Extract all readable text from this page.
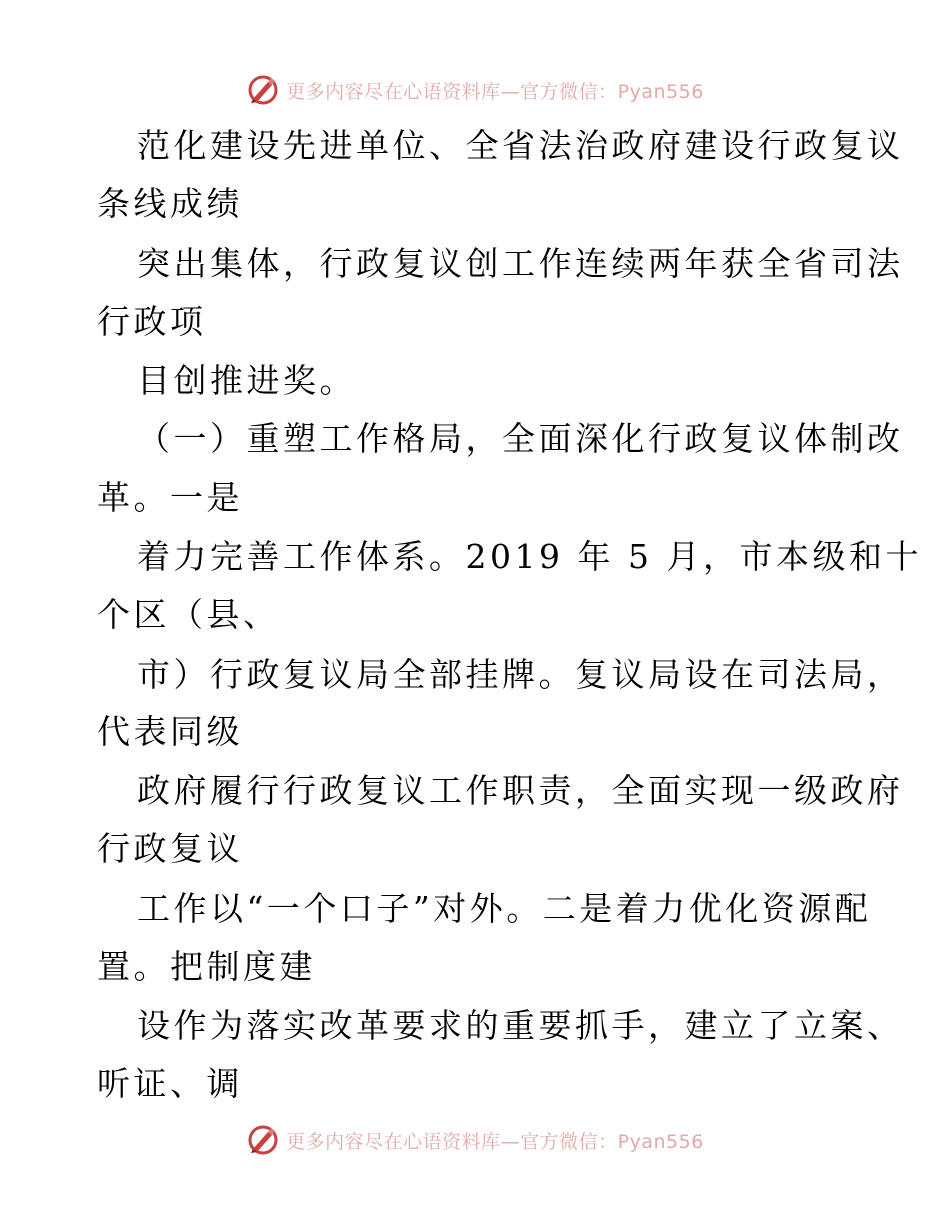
更多内容尽在心语资料库—官方微信：Pyan556
范化建设先进单位、全省法治政府建设行政复议
条线成绩
突出集体，行政复议创工作连续两年获全省司法
行政项
目创推进奖。
（一）重塑工作格局，全面深化行政复议体制改
革。一是
着力完善工作体系。2019 年 5 月，市本级和十
个区（县、
市）行政复议局全部挂牌。复议局设在司法局，
代表同级
政府履行行政复议工作职责，全面实现一级政府
行政复议
工作以“一个口子”对外。二是着力优化资源配
置。把制度建
设作为落实改革要求的重要抓手，建立了立案、
听证、调
更多内容尽在心语资料库—官方微信：Pyan556
